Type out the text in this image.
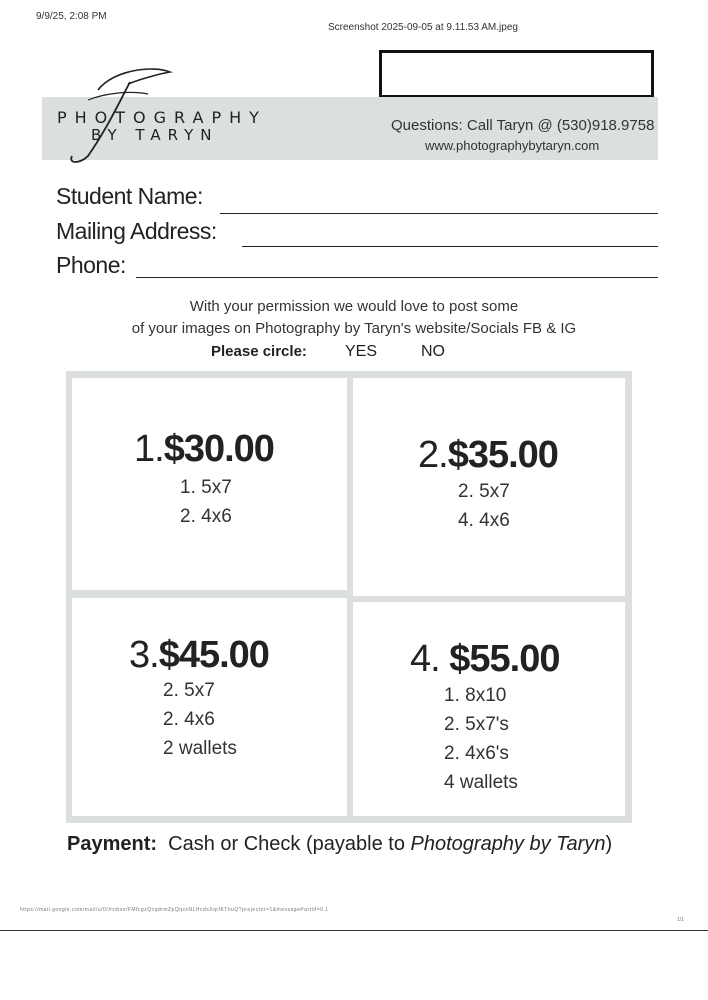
9/9/25, 2:08 PM
Screenshot 2025-09-05 at 9.11.53 AM.jpeg
PHOTOGRAPHY
BY TARYN
Questions: Call Taryn @ (530)918.9758
www.photographybytaryn.com
Student Name:
Mailing Address:
Phone:
With your permission we would love to post some
of your images on Photography by Taryn's website/Socials FB & IG
Please circle: YES	NO
1.$30.00
1. 5x7
2. 4x6
2.$35.00
2. 5x7
4. 4x6
3.$45.00
2. 5x7
2. 4x6
2 wallets
4. $55.00
1. 8x10
2. 5x7's
2. 4x6's
4 wallets
Payment: Cash or Check (payable to Photography by Taryn)
https://mail.google.com/mail/u/0/#inbox/FMfcgzQcqdrmZpQqxxNLHcdsXqrfKThuQ?projector=1&messagePartId=0.1
1/1
